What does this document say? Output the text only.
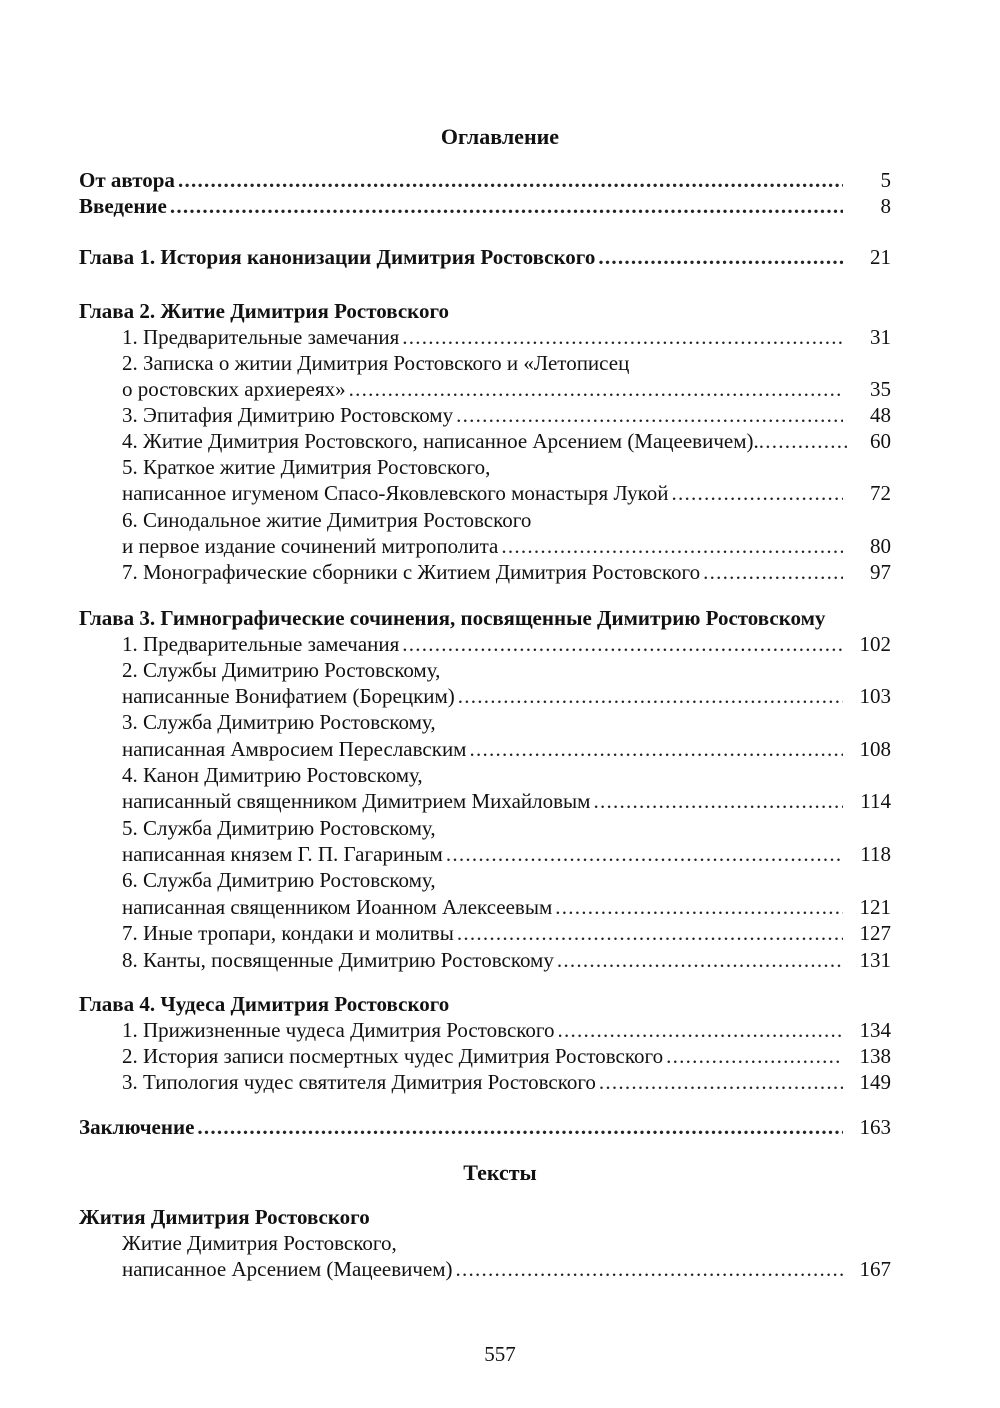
Оглавление
От автора . . .	5
Введение . . .	8
Глава 1. История канонизации Димитрия Ростовского . . .	21
Глава 2. Житие Димитрия Ростовского
1. Предварительные замечания . . .	31
2. Записка о житии Димитрия Ростовского и «Летописец
о ростовских архиереях» . . .	35
3. Эпитафия Димитрию Ростовскому . . .	48
4. Житие Димитрия Ростовского, написанное Арсением (Мацеевичем). . . .	60
5. Краткое житие Димитрия Ростовского,
написанное игуменом Спасо-Яковлевского монастыря Лукой . . .	72
6. Синодальное житие Димитрия Ростовского
и первое издание сочинений митрополита . . .	80
7. Монографические сборники с Житием Димитрия Ростовского . . .	97
Глава 3. Гимнографические сочинения, посвященные Димитрию Ростовскому
1. Предварительные замечания . . .	102
2. Службы Димитрию Ростовскому,
написанные Вонифатием (Борецким) . . .	103
3. Служба Димитрию Ростовскому,
написанная Амвросием Переславским . . .	108
4. Канон Димитрию Ростовскому,
написанный священником Димитрием Михайловым . . .	114
5. Служба Димитрию Ростовскому,
написанная князем Г. П. Гагариным . . .	118
6. Служба Димитрию Ростовскому,
написанная священником Иоанном Алексеевым . . .	121
7. Иные тропари, кондаки и молитвы . . .	127
8. Канты, посвященные Димитрию Ростовскому . . .	131
Глава 4. Чудеса Димитрия Ростовского
1. Прижизненные чудеса Димитрия Ростовского . . .	134
2. История записи посмертных чудес Димитрия Ростовского . . .	138
3. Типология чудес святителя Димитрия Ростовского . . .	149
Заключение . . .	163
Тексты
Жития Димитрия Ростовского
Житие Димитрия Ростовского,
написанное Арсением (Мацеевичем) . . .	167
557
